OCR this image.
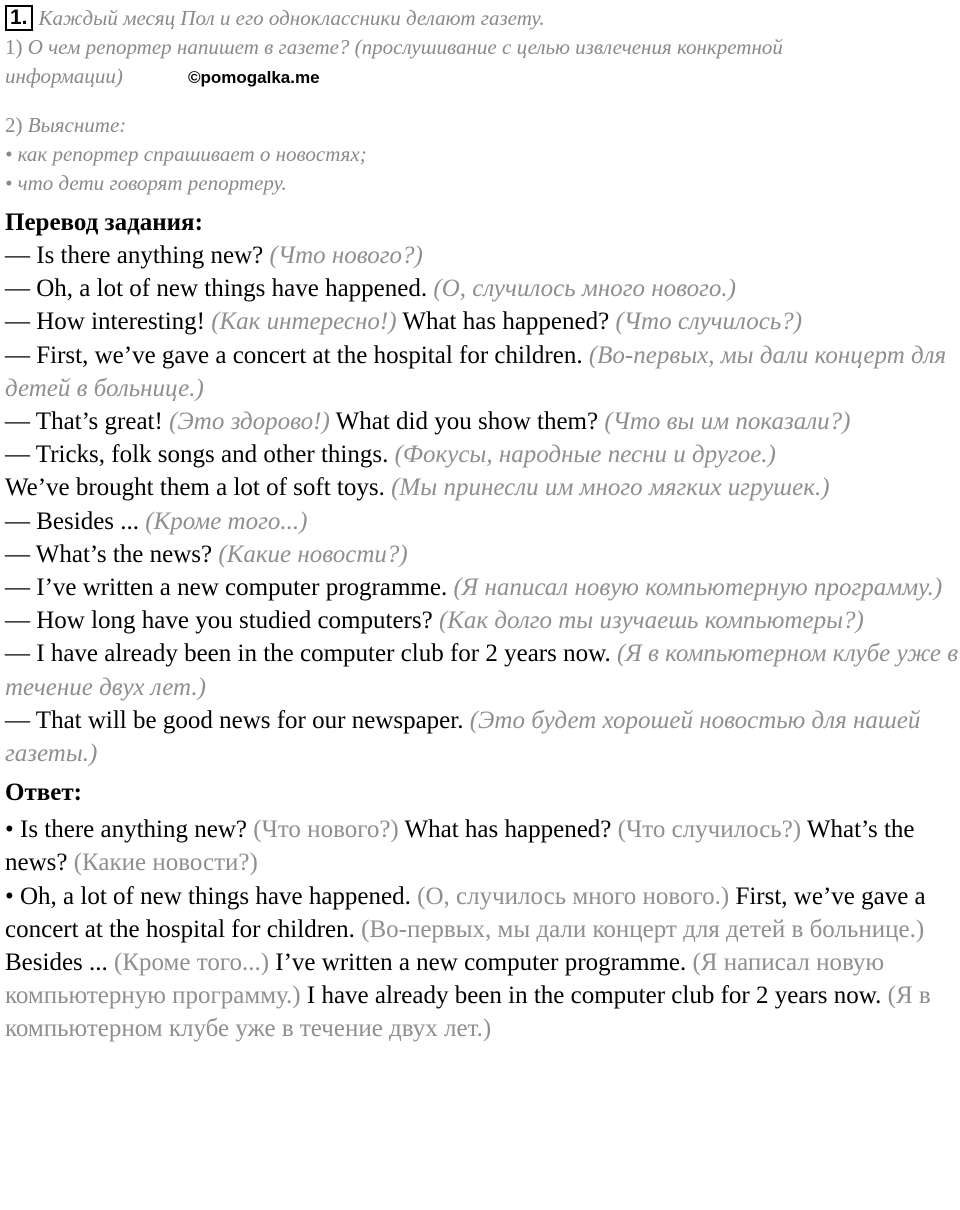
1. Каждый месяц Пол и его одноклассники делают газету.
1) О чем репортер напишет в газете? (прослушивание с целью извлечения конкретной
информации)	©pomogalka.me
2) Выясните:
• как репортер спрашивает о новостях;
• что дети говорят репортеру.
Перевод задания:
— Is there anything new? (Что нового?)
— Oh, a lot of new things have happened. (О, случилось много нового.)
— How interesting! (Как интересно!) What has happened? (Что случилось?)
— First, we’ve gave a concert at the hospital for children. (Во-первых, мы дали концерт для детей в больнице.)
— That’s great! (Это здорово!) What did you show them? (Что вы им показали?)
— Tricks, folk songs and other things. (Фокусы, народные песни и другое.)
We’ve brought them a lot of soft toys. (Мы принесли им много мягких игрушек.)
— Besides ... (Кроме того...)
— What’s the news? (Какие новости?)
— I’ve written a new computer programme. (Я написал новую компьютерную программу.)
— How long have you studied computers? (Как долго ты изучаешь компьютеры?)
— I have already been in the computer club for 2 years now. (Я в компьютерном клубе уже в течение двух лет.)
— That will be good news for our newspaper. (Это будет хорошей новостью для нашей газеты.)
Ответ:
• Is there anything new? (Что нового?) What has happened? (Что случилось?) What’s the news? (Какие новости?)
• Oh, a lot of new things have happened. (О, случилось много нового.) First, we’ve gave a concert at the hospital for children. (Во-первых, мы дали концерт для детей в больнице.) Besides ... (Кроме того...) I’ve written a new computer programme. (Я написал новую компьютерную программу.) I have already been in the computer club for 2 years now. (Я в компьютерном клубе уже в течение двух лет.)
